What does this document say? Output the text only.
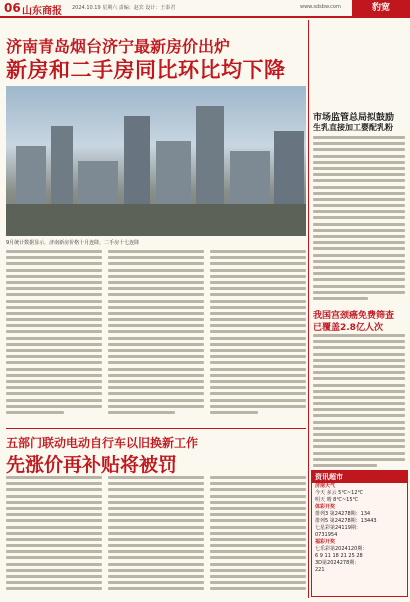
06 山东商报 2024.10.19 星期六 责编：赵宾 设计：王泰君	www.sdsbw.com	豹宽
济南青岛烟台济宁最新房价出炉
新房和二手房同比环比均下降
9月统计数据显示，济南新房价格十月连降，二手房十七连降
市场监管总局拟鼓励
生乳直接加工婴配乳粉
我国宫颈癌免费筛查
已覆盖2.8亿人次
五部门联动电动自行车以旧换新工作
先涨价再补贴将被罚
资讯超市
济南天气
今天 多云 5℃~12℃
明天 晴 8℃~15℃
体彩开奖
排列3 第24278期：134
排列5 第24278期：13443
七星彩第24119期：
0731954
福彩开奖
七乐彩第2024120期：
6 9 11 18 21 25 28
3D第2024278期：
221
